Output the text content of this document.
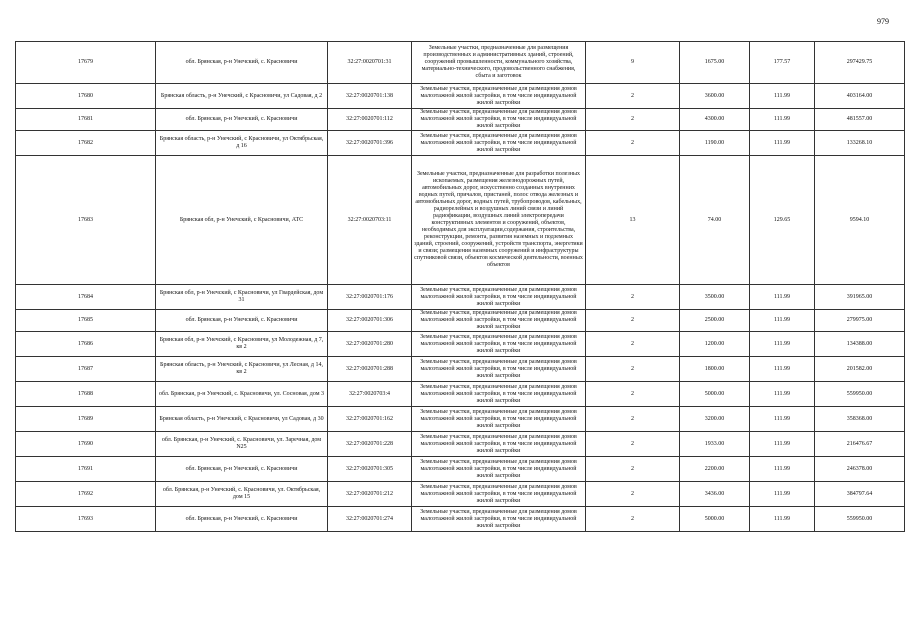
979
17679	обл. Брянская, р-н Унечский, с. Красновичи	32:27:0020701:31	Земельные участки, предназначенные для размещения производственных и административных зданий, строений, сооружений промышленности, коммунального хозяйства, материально-технического, продовольственного снабжения, сбыта и заготовок	9	1675.00	177.57	297429.75
17680	Брянская область, р-н Унечский, с Красновичи, ул Садовая, д 2	32:27:0020701:138	Земельные участки, предназначенные для размещения домов малоэтажной жилой застройки, в том числе индивидуальной жилой застройки	2	3600.00	111.99	403164.00
17681	обл. Брянская, р-н Унечский, с. Красновичи	32:27:0020701:112	Земельные участки, предназначенные для размещения домов малоэтажной жилой застройки, в том числе индивидуальной жилой застройки	2	4300.00	111.99	481557.00
17682	Брянская область, р-н Унечский, с Красновичи, ул Октябрьская, д 16	32:27:0020701:396	Земельные участки, предназначенные для размещения домов малоэтажной жилой застройки, в том числе индивидуальной жилой застройки	2	1190.00	111.99	133268.10
17683	Брянская обл, р-н Унечский, с Красновичи, АТС	32:27:0020703:11	Земельные участки, предназначенные для разработки полезных ископаемых, размещения железнодорожных путей, автомобильных дорог, искусственно созданных внутренних водных путей, причалов, пристаней, полос отвода железных и автомобильных дорог, водных путей, трубопроводов, кабельных, радиорелейных и воздушных линий связи и линий радиофикации, воздушных линий электропередачи конструктивных элементов и сооружений, объектов, необходимых для эксплуатации,содержания, строительства, реконструкции, ремонта, развития наземных и подземных зданий, строений, сооружений, устройств транспорта, энергетики и связи; размещения наземных сооружений и инфраструктуры спутниковой связи, объектов космической деятельности, военных объектов	13	74.00	129.65	9594.10
17684	Брянская обл, р-н Унечский, с Красновичи, ул Гвардейская, дом 31	32:27:0020701:176	Земельные участки, предназначенные для размещения домов малоэтажной жилой застройки, в том числе индивидуальной жилой застройки	2	3500.00	111.99	391965.00
17685	обл. Брянская, р-н Унечский, с. Красновичи	32:27:0020701:306	Земельные участки, предназначенные для размещения домов малоэтажной жилой застройки, в том числе индивидуальной жилой застройки	2	2500.00	111.99	279975.00
17686	Брянская обл, р-н Унечский, с Красновичи, ул Молодежная, д 7, кв 2	32:27:0020701:280	Земельные участки, предназначенные для размещения домов малоэтажной жилой застройки, в том числе индивидуальной жилой застройки	2	1200.00	111.99	134388.00
17687	Брянская область, р-н Унечский, с Красновичи, ул Лесная, д 14, кв 2	32:27:0020701:288	Земельные участки, предназначенные для размещения домов малоэтажной жилой застройки, в том числе индивидуальной жилой застройки	2	1800.00	111.99	201582.00
17688	обл. Брянская, р-н Унечский, с. Красновичи, ул. Сосновая, дом 3	32:27:0020703:4	Земельные участки, предназначенные для размещения домов малоэтажной жилой застройки, в том числе индивидуальной жилой застройки	2	5000.00	111.99	559950.00
17689	Брянская область, р-н Унечский, с Красновичи, ул Садовая, д 30	32:27:0020701:162	Земельные участки, предназначенные для размещения домов малоэтажной жилой застройки, в том числе индивидуальной жилой застройки	2	3200.00	111.99	358368.00
17690	обл. Брянская, р-н Унечский, с. Красновичи, ул. Заречная, дом N25	32:27:0020701:228	Земельные участки, предназначенные для размещения домов малоэтажной жилой застройки, в том числе индивидуальной жилой застройки	2	1933.00	111.99	216476.67
17691	обл. Брянская, р-н Унечский, с. Красновичи	32:27:0020701:305	Земельные участки, предназначенные для размещения домов малоэтажной жилой застройки, в том числе индивидуальной жилой застройки	2	2200.00	111.99	246378.00
17692	обл. Брянская, р-н Унечский, с. Красновичи, ул. Октябрьская, дом 15	32:27:0020701:212	Земельные участки, предназначенные для размещения домов малоэтажной жилой застройки, в том числе индивидуальной жилой застройки	2	3436.00	111.99	384797.64
17693	обл. Брянская, р-н Унечский, с. Красновичи	32:27:0020701:274	Земельные участки, предназначенные для размещения домов малоэтажной жилой застройки, в том числе индивидуальной жилой застройки	2	5000.00	111.99	559950.00
